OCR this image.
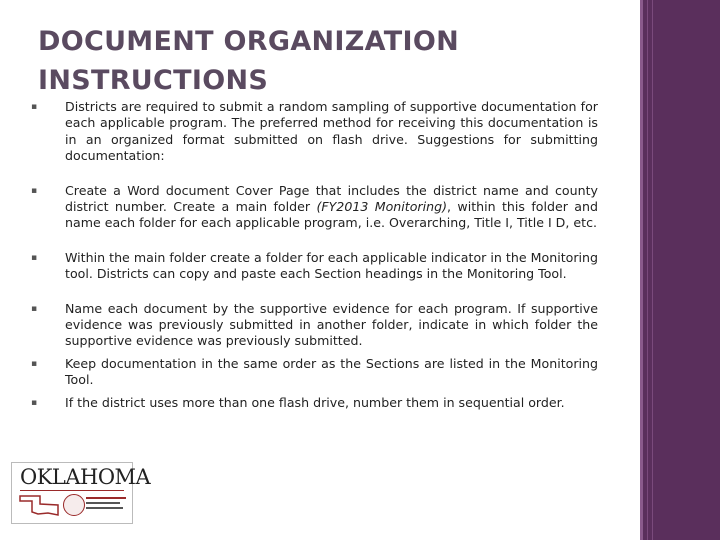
DOCUMENT ORGANIZATION INSTRUCTIONS
▪ Districts are required to submit a random sampling of supportive documentation for each applicable program. The preferred method for receiving this documentation is in an organized format submitted on flash drive. Suggestions for submitting documentation:
▪ Create a Word document Cover Page that includes the district name and county district number. Create a main folder (FY2013 Monitoring), within this folder and name each folder for each applicable program, i.e. Overarching, Title I, Title I D, etc.
▪ Within the main folder create a folder for each applicable indicator in the Monitoring tool. Districts can copy and paste each Section headings in the Monitoring Tool.
▪ Name each document by the supportive evidence for each program. If supportive evidence was previously submitted in another folder, indicate in which folder the supportive evidence was previously submitted.
▪ Keep documentation in the same order as the Sections are listed in the Monitoring Tool.
▪ If the district uses more than one flash drive, number them in sequential order.
OKLAHOMA
